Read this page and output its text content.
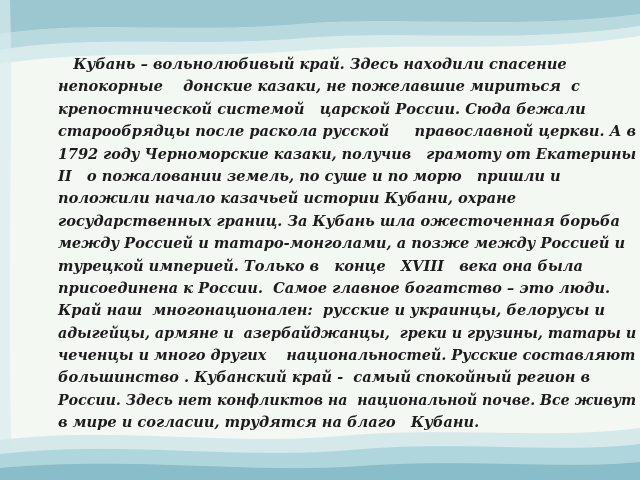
Кубань – вольнолюбивый край. Здесь находили спасение
непокорные    донские казаки, не пожелавшие мириться  с
крепостнической системой   царской России. Сюда бежали
старообрядцы после раскола русской     православной церкви. А в
1792 году Черноморские казаки, получив   грамоту от Екатерины
II   о пожаловании земель, по суше и по морю   пришли и
положили начало казачьей истории Кубани, охране
государственных границ. За Кубань шла ожесточенная борьба
между Россией и татаро-монголами, а позже между Россией и
турецкой империей. Только в   конце   XVIII   века она была
присоединена к России.  Самое главное богатство – это люди.
Край наш  многонационален:  русские и украинцы, белорусы и
адыгейцы, армяне и  азербайджанцы,  греки и грузины, татары и
чеченцы и много других    национальностей. Русские составляют
большинство . Кубанский край -  самый спокойный регион в
России. Здесь нет конфликтов на  национальной почве. Все живут
в мире и согласии, трудятся на благо   Кубани.
